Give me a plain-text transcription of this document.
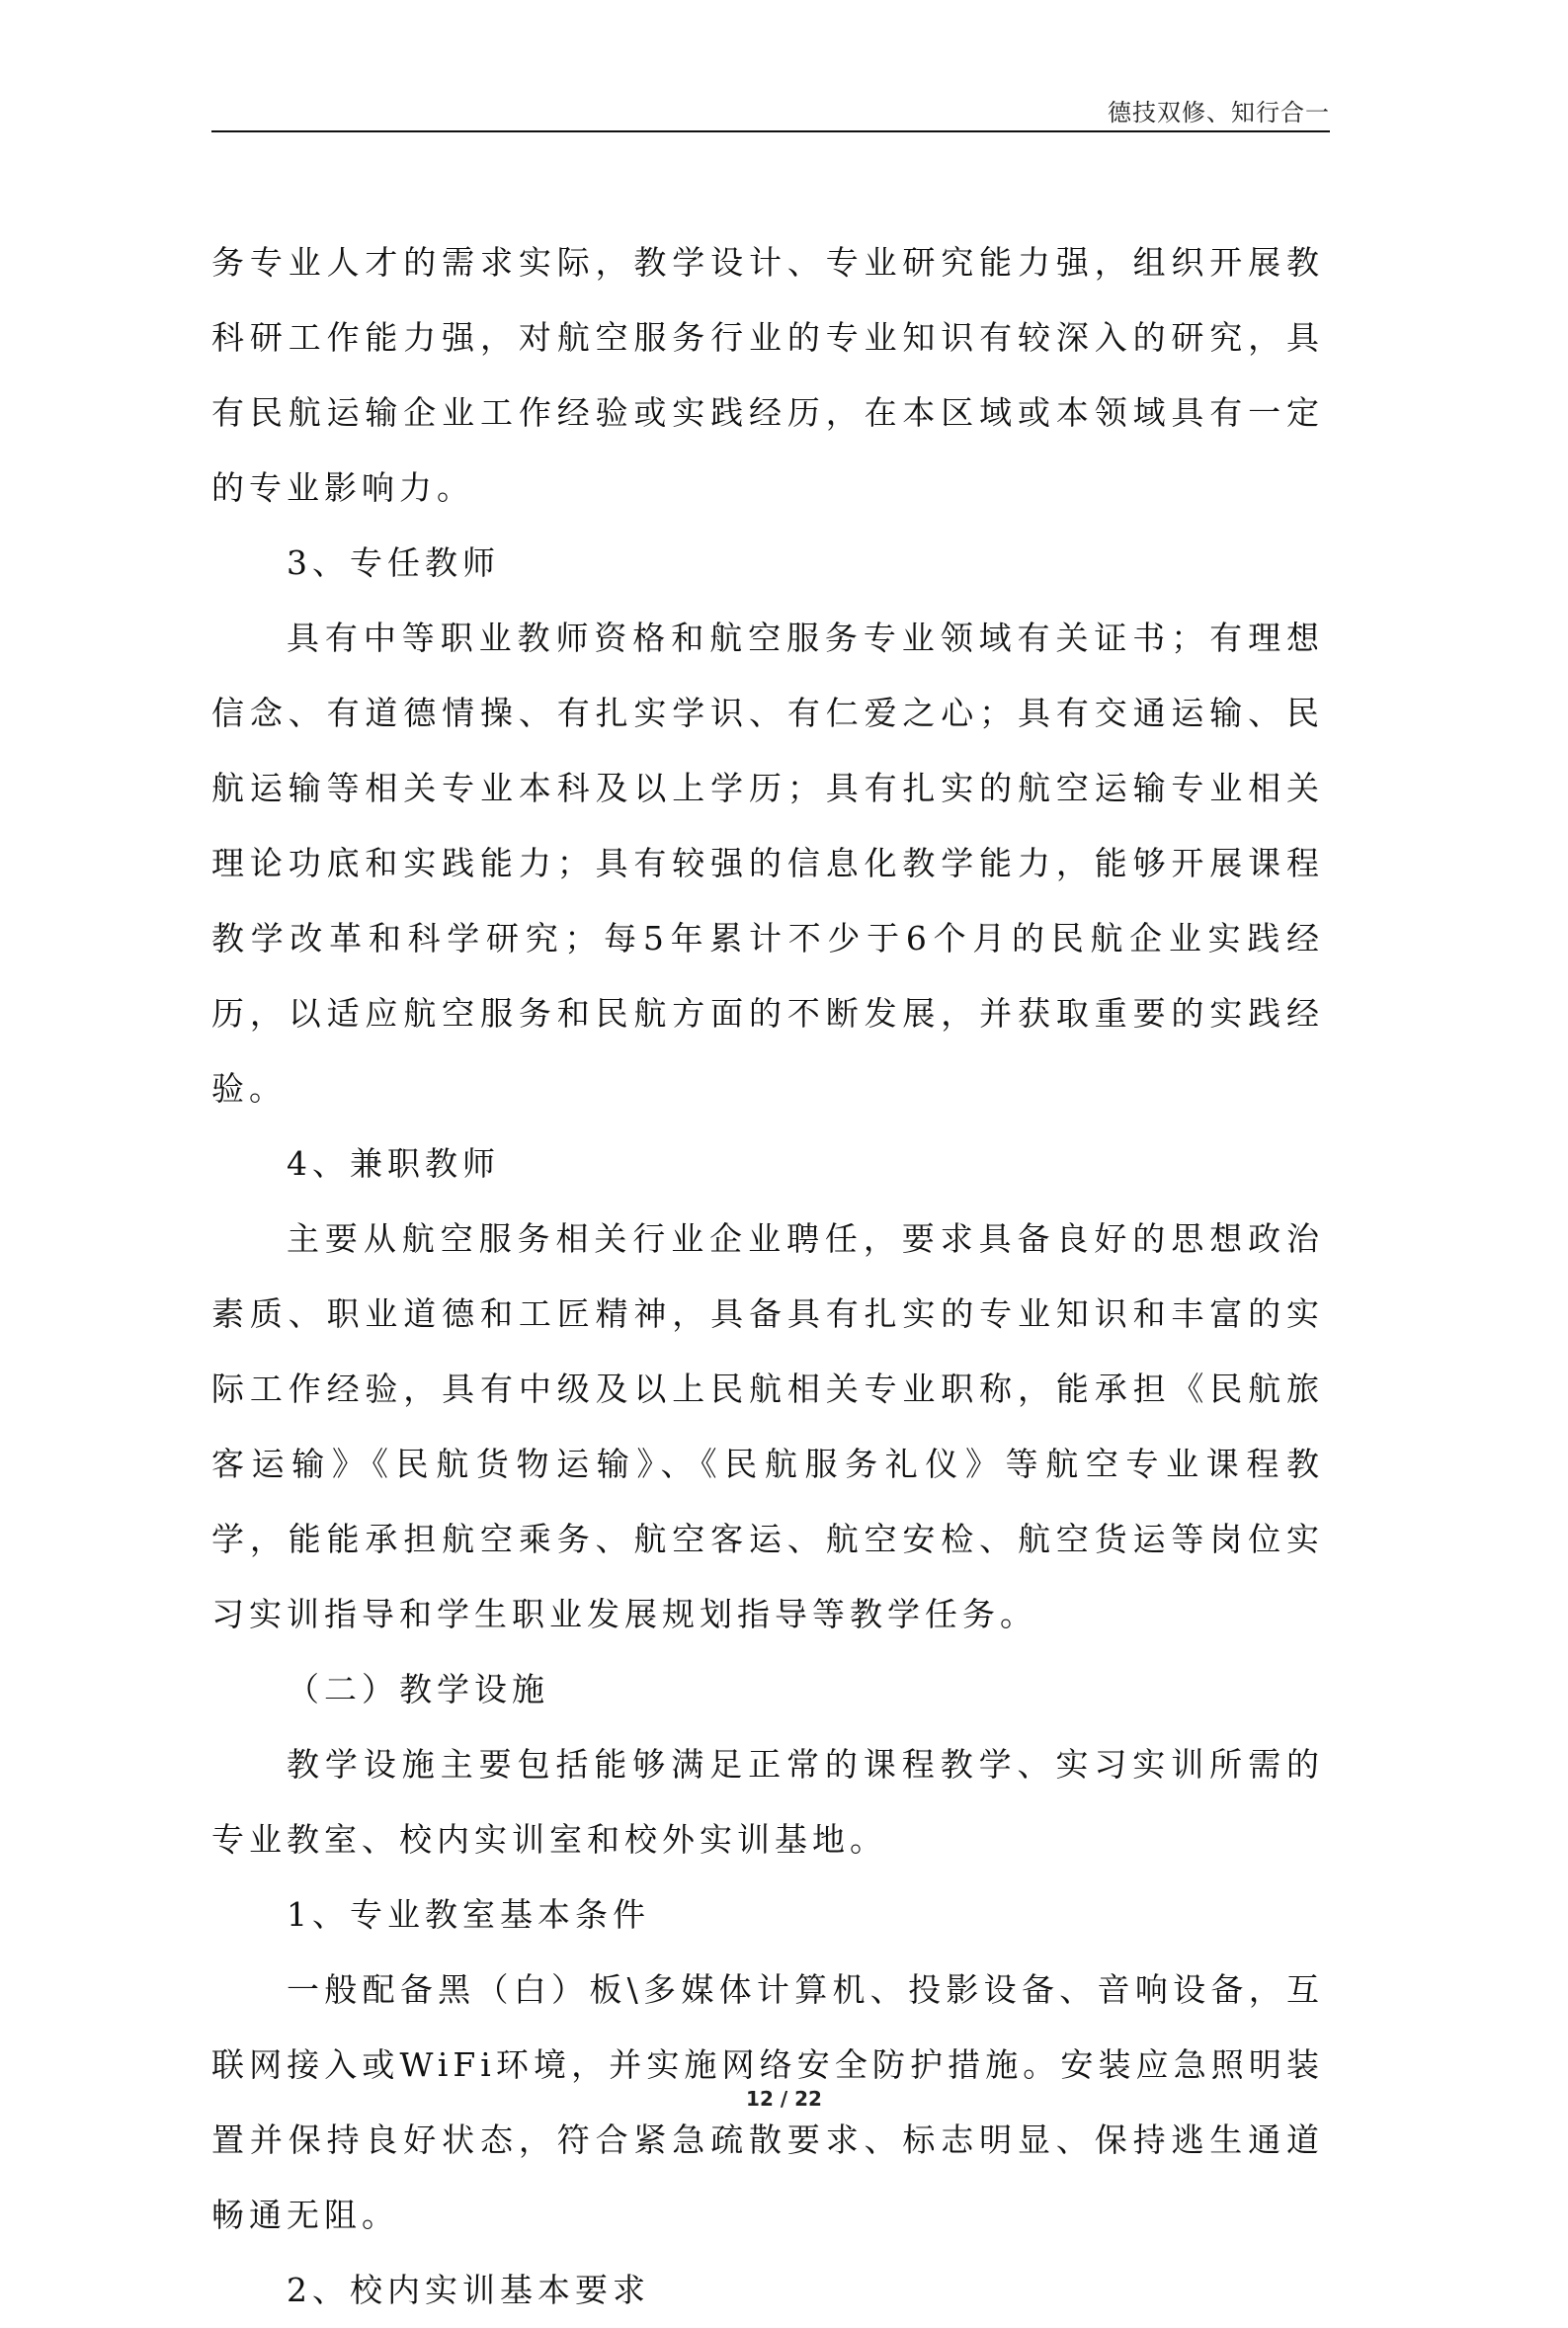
德技双修、知行合一

务专业人才的需求实际，教学设计、专业研究能力强，组织开展教科研工作能力强，对航空服务行业的专业知识有较深入的研究，具有民航运输企业工作经验或实践经历，在本区域或本领域具有一定的专业影响力。

3、专任教师

具有中等职业教师资格和航空服务专业领域有关证书；有理想信念、有道德情操、有扎实学识、有仁爱之心；具有交通运输、民航运输等相关专业本科及以上学历；具有扎实的航空运输专业相关理论功底和实践能力；具有较强的信息化教学能力，能够开展课程教学改革和科学研究；每5年累计不少于6个月的民航企业实践经历，以适应航空服务和民航方面的不断发展，并获取重要的实践经验。

4、兼职教师

主要从航空服务相关行业企业聘任，要求具备良好的思想政治素质、职业道德和工匠精神，具备具有扎实的专业知识和丰富的实际工作经验，具有中级及以上民航相关专业职称，能承担《民航旅客运输》《民航货物运输》、《民航服务礼仪》等航空专业课程教学，能能承担航空乘务、航空客运、航空安检、航空货运等岗位实习实训指导和学生职业发展规划指导等教学任务。

（二）教学设施

教学设施主要包括能够满足正常的课程教学、实习实训所需的专业教室、校内实训室和校外实训基地。

1、专业教室基本条件

一般配备黑（白）板\多媒体计算机、投影设备、音响设备，互联网接入或WiFi环境，并实施网络安全防护措施。安装应急照明装置并保持良好状态，符合紧急疏散要求、标志明显、保持逃生通道畅通无阻。

2、校内实训基本要求

12 / 22
